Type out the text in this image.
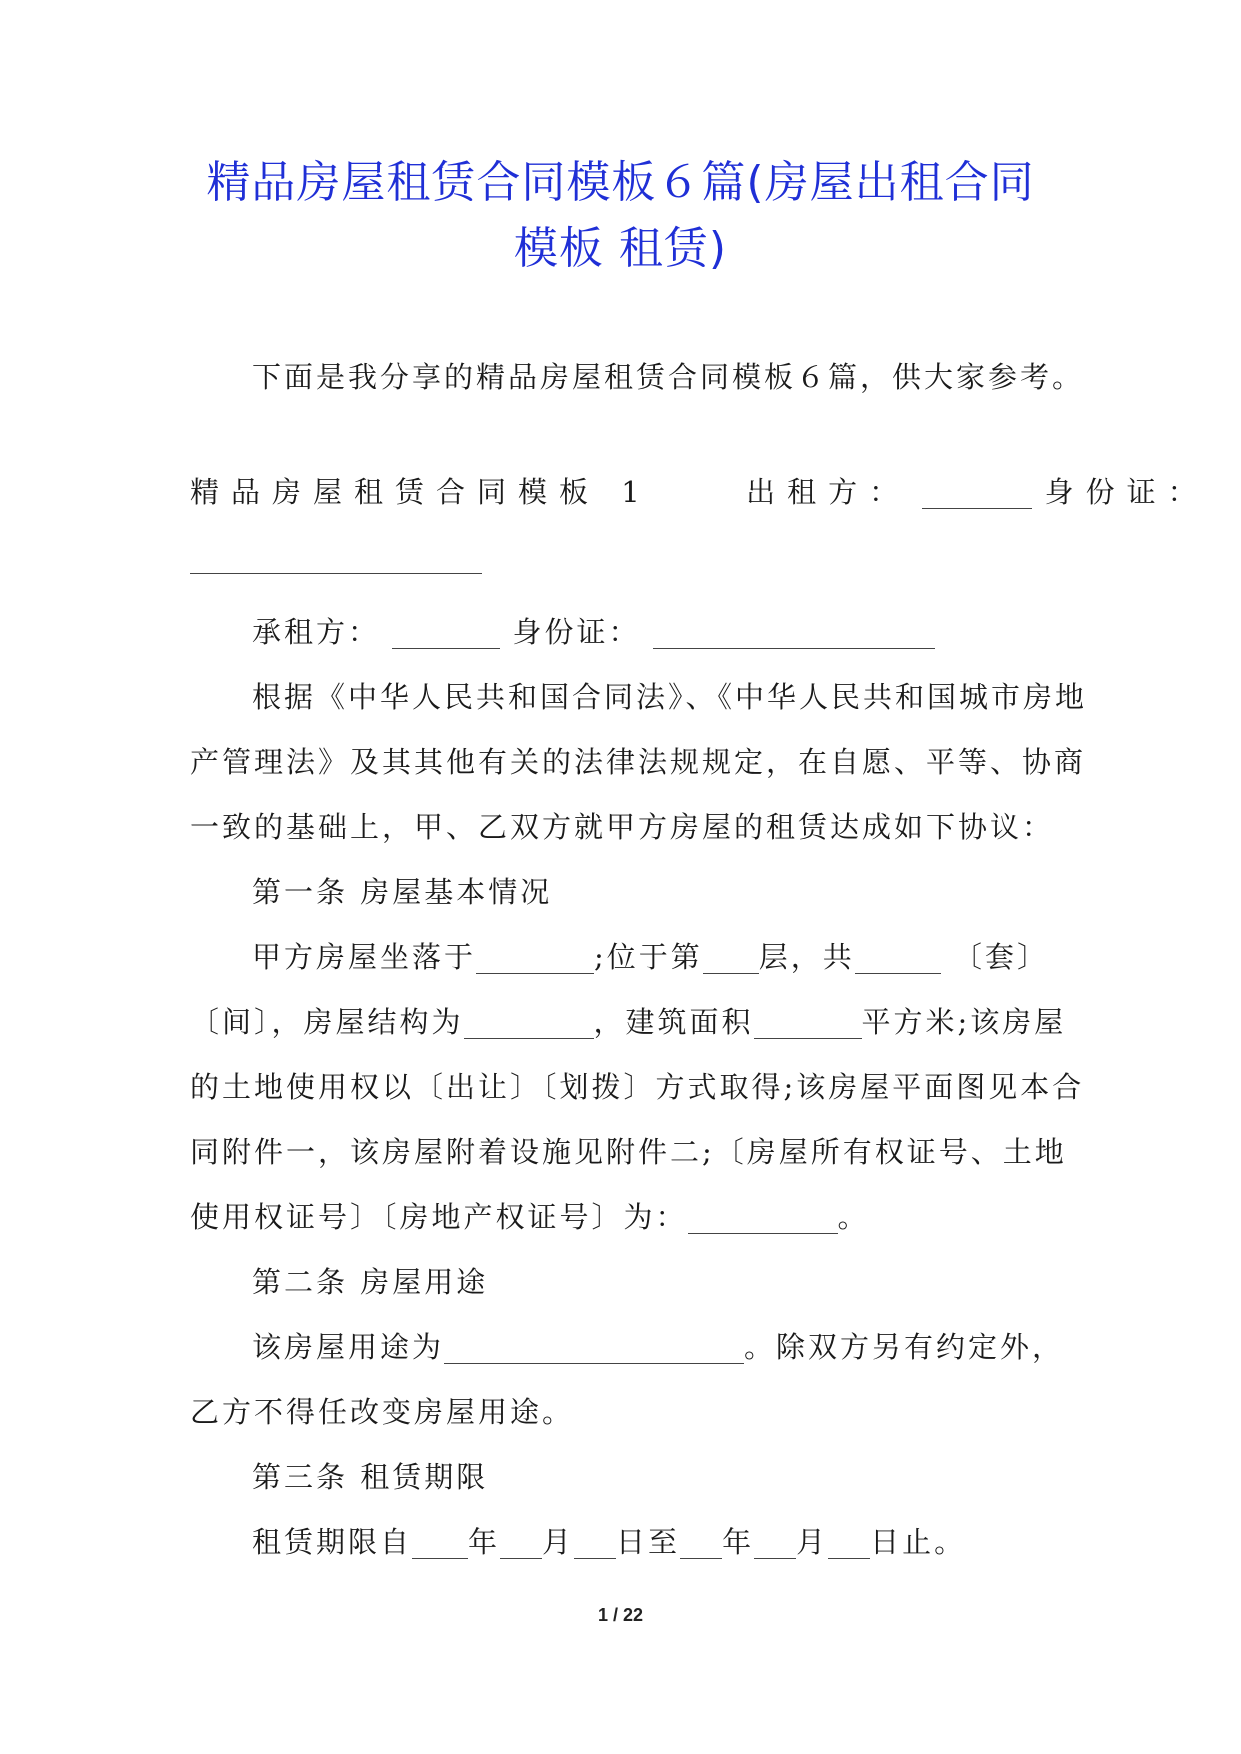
精品房屋租赁合同模板６篇(房屋出租合同
模板 租赁)
下面是我分享的精品房屋租赁合同模板６篇，供大家参考。
精品房屋租赁合同模板 1	出租方：	身份证：
承租方：	身份证：
根据《中华人民共和国合同法》、《中华人民共和国城市房地
产管理法》及其其他有关的法律法规规定，在自愿、平等、协商
一致的基础上，甲、乙双方就甲方房屋的租赁达成如下协议：
第一条 房屋基本情况
甲方房屋坐落于	;位于第 层，共	〔套〕
〔间〕，房屋结构为	，建筑面积	平方米;该房屋
的土地使用权以〔出让〕〔划拨〕方式取得;该房屋平面图见本合
同附件一，该房屋附着设施见附件二;〔房屋所有权证号、土地
使用权证号〕〔房地产权证号〕为：	。
第二条 房屋用途
该房屋用途为	。除双方另有约定外，
乙方不得任改变房屋用途。
第三条 租赁期限
租赁期限自 年 月 日至 年 月 日止。
1 / 22
